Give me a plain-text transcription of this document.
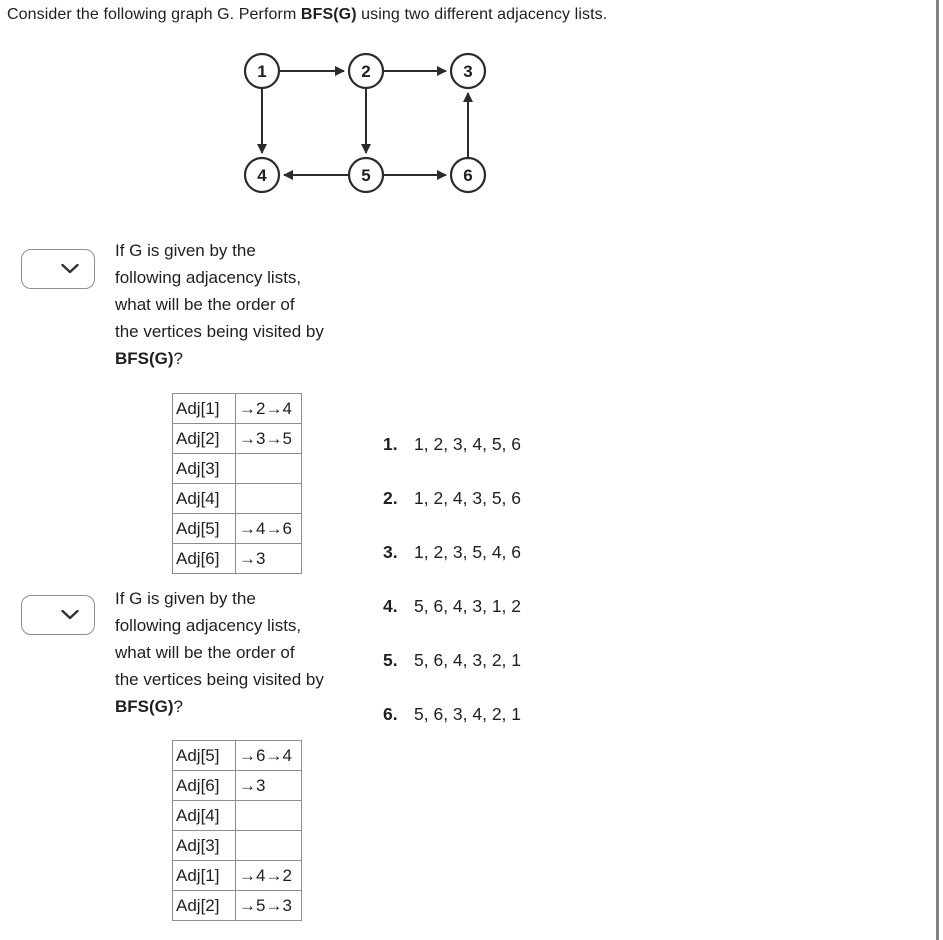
Consider the following graph G. Perform BFS(G) using two different adjacency lists.
1	2	3
4	5	6
If G is given by the
following adjacency lists,
what will be the order of
the vertices being visited by
BFS(G)?
Adj[1]	→2→4
Adj[2]	→3→5
Adj[3]	
Adj[4]	
Adj[5]	→4→6
Adj[6]	→3
1. 1, 2, 3, 4, 5, 6
2. 1, 2, 4, 3, 5, 6
3. 1, 2, 3, 5, 4, 6
4. 5, 6, 4, 3, 1, 2
5. 5, 6, 4, 3, 2, 1
6. 5, 6, 3, 4, 2, 1
If G is given by the
following adjacency lists,
what will be the order of
the vertices being visited by
BFS(G)?
Adj[5]	→6→4
Adj[6]	→3
Adj[4]	
Adj[3]	
Adj[1]	→4→2
Adj[2]	→5→3
